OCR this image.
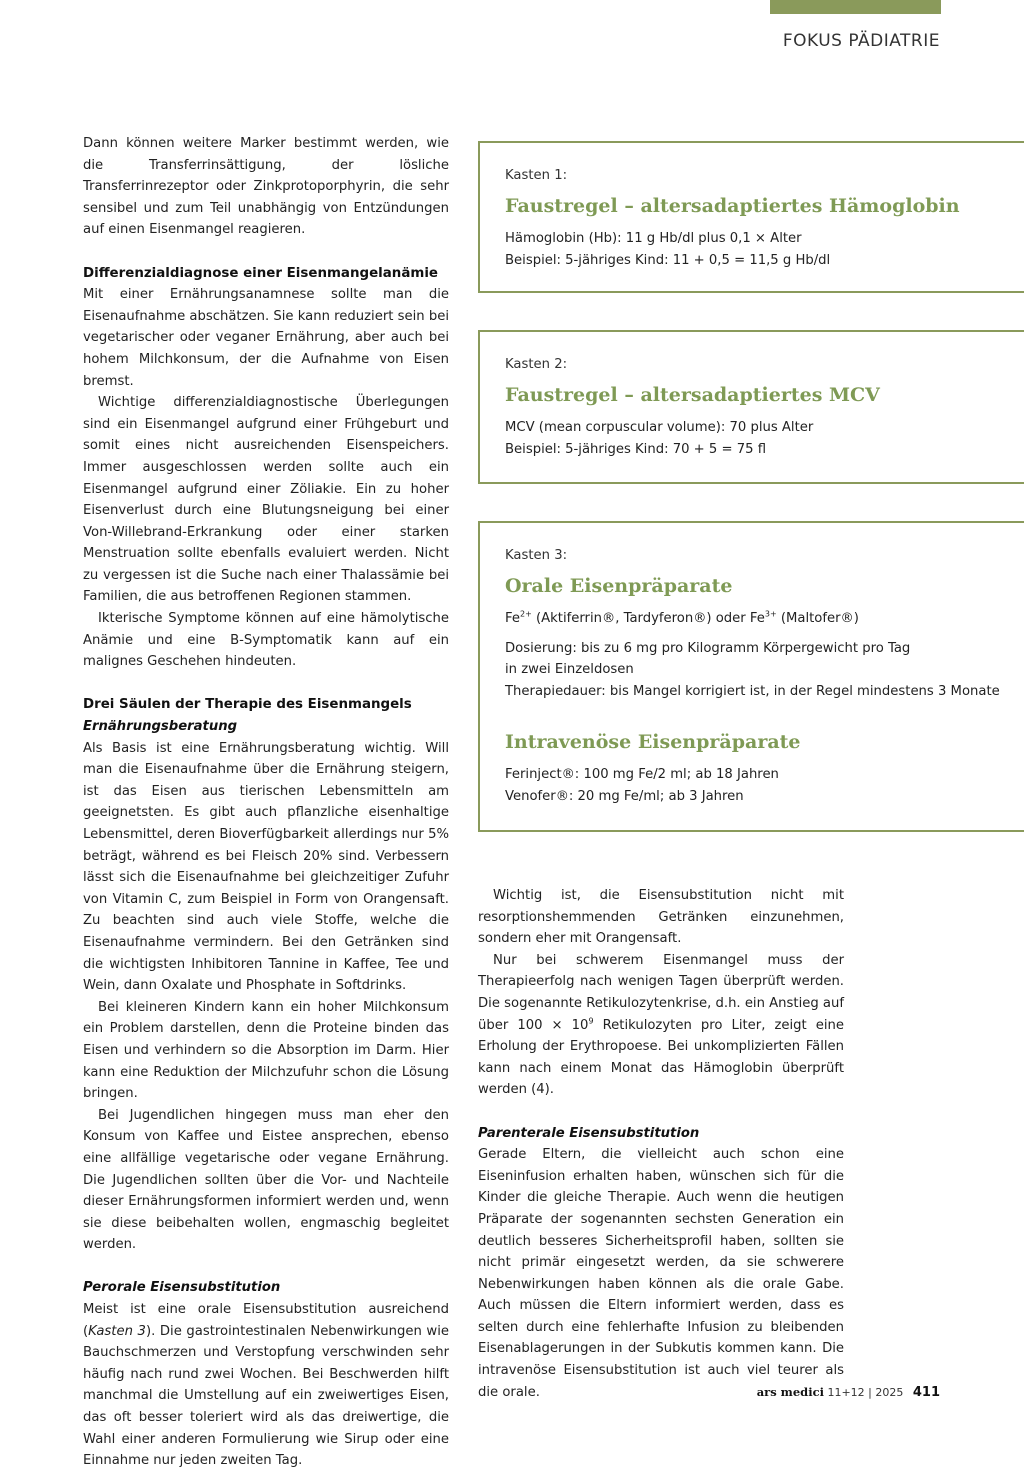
FOKUS PÄDIATRIE

Dann können weitere Marker bestimmt werden, wie die Transferrinsättigung, der lösliche Transferrinrezeptor oder Zinkprotoporphyrin, die sehr sensibel und zum Teil unabhängig von Entzündungen auf einen Eisenmangel reagieren.

Differenzialdiagnose einer Eisenmangelanämie

Mit einer Ernährungsanamnese sollte man die Eisenaufnahme abschätzen. Sie kann reduziert sein bei vegetarischer oder veganer Ernährung, aber auch bei hohem Milchkonsum, der die Aufnahme von Eisen bremst.

Wichtige differenzialdiagnostische Überlegungen sind ein Eisenmangel aufgrund einer Frühgeburt und somit eines nicht ausreichenden Eisenspeichers. Immer ausgeschlossen werden sollte auch ein Eisenmangel aufgrund einer Zöliakie. Ein zu hoher Eisenverlust durch eine Blutungsneigung bei einer Von-Willebrand-Erkrankung oder einer starken Menstruation sollte ebenfalls evaluiert werden. Nicht zu vergessen ist die Suche nach einer Thalassämie bei Familien, die aus betroffenen Regionen stammen.

Ikterische Symptome können auf eine hämolytische Anämie und eine B-Symptomatik kann auf ein malignes Geschehen hindeuten.

Drei Säulen der Therapie des Eisenmangels
Ernährungsberatung

Als Basis ist eine Ernährungsberatung wichtig. Will man die Eisenaufnahme über die Ernährung steigern, ist das Eisen aus tierischen Lebensmitteln am geeignetsten. Es gibt auch pflanzliche eisenhaltige Lebensmittel, deren Bioverfügbarkeit allerdings nur 5% beträgt, während es bei Fleisch 20% sind. Verbessern lässt sich die Eisenaufnahme bei gleichzeitiger Zufuhr von Vitamin C, zum Beispiel in Form von Orangensaft. Zu beachten sind auch viele Stoffe, welche die Eisenaufnahme vermindern. Bei den Getränken sind die wichtigsten Inhibitoren Tannine in Kaffee, Tee und Wein, dann Oxalate und Phosphate in Softdrinks.

Bei kleineren Kindern kann ein hoher Milchkonsum ein Problem darstellen, denn die Proteine binden das Eisen und verhindern so die Absorption im Darm. Hier kann eine Reduktion der Milchzufuhr schon die Lösung bringen.

Bei Jugendlichen hingegen muss man eher den Konsum von Kaffee und Eistee ansprechen, ebenso eine allfällige vegetarische oder vegane Ernährung. Die Jugendlichen sollten über die Vor- und Nachteile dieser Ernährungsformen informiert werden und, wenn sie diese beibehalten wollen, engmaschig begleitet werden.

Perorale Eisensubstitution

Meist ist eine orale Eisensubstitution ausreichend (Kasten 3). Die gastrointestinalen Nebenwirkungen wie Bauchschmerzen und Verstopfung verschwinden sehr häufig nach rund zwei Wochen. Bei Beschwerden hilft manchmal die Umstellung auf ein zweiwertiges Eisen, das oft besser toleriert wird als das dreiwertige, die Wahl einer anderen Formulierung wie Sirup oder eine Einnahme nur jeden zweiten Tag.

Kasten 1:
Faustregel – altersadaptiertes Hämoglobin
Hämoglobin (Hb): 11 g Hb/dl plus 0,1 × Alter
Beispiel: 5-jähriges Kind: 11 + 0,5 = 11,5 g Hb/dl
Kasten 2:
Faustregel – altersadaptiertes MCV
MCV (mean corpuscular volume): 70 plus Alter
Beispiel: 5-jähriges Kind: 70 + 5 = 75 fl
Kasten 3:
Orale Eisenpräparate
$Fe^{2+}$ (Aktiferrin®, Tardyferon®) oder $Fe^{3+}$ (Maltofer®)
Dosierung: bis zu 6 mg pro Kilogramm Körpergewicht pro Tag in zwei Einzeldosen
Therapiedauer: bis Mangel korrigiert ist, in der Regel mindestens 3 Monate
Intravenöse Eisenpräparate
Ferinject®: 100 mg Fe/2 ml; ab 18 Jahren
Venofer®: 20 mg Fe/ml; ab 3 Jahren

Wichtig ist, die Eisensubstitution nicht mit resorptionshemmenden Getränken einzunehmen, sondern eher mit Orangensaft.

Nur bei schwerem Eisenmangel muss der Therapieerfolg nach wenigen Tagen überprüft werden. Die sogenannte Retikulozytenkrise, d.h. ein Anstieg auf über $100 \times 10^9$ Retikulozyten pro Liter, zeigt eine Erholung der Erythropoese. Bei unkomplizierten Fällen kann nach einem Monat das Hämoglobin überprüft werden (4).

Parenterale Eisensubstitution

Gerade Eltern, die vielleicht auch schon eine Eiseninfusion erhalten haben, wünschen sich für die Kinder die gleiche Therapie. Auch wenn die heutigen Präparate der sogenannten sechsten Generation ein deutlich besseres Sicherheitsprofil haben, sollten sie nicht primär eingesetzt werden, da sie schwerere Nebenwirkungen haben können als die orale Gabe. Auch müssen die Eltern informiert werden, dass es selten durch eine fehlerhafte Infusion zu bleibenden Eisenablagerungen in der Subkutis kommen kann. Die intravenöse Eisensubstitution ist auch viel teurer als die orale.	ars medici 11+12 | 2025 411
